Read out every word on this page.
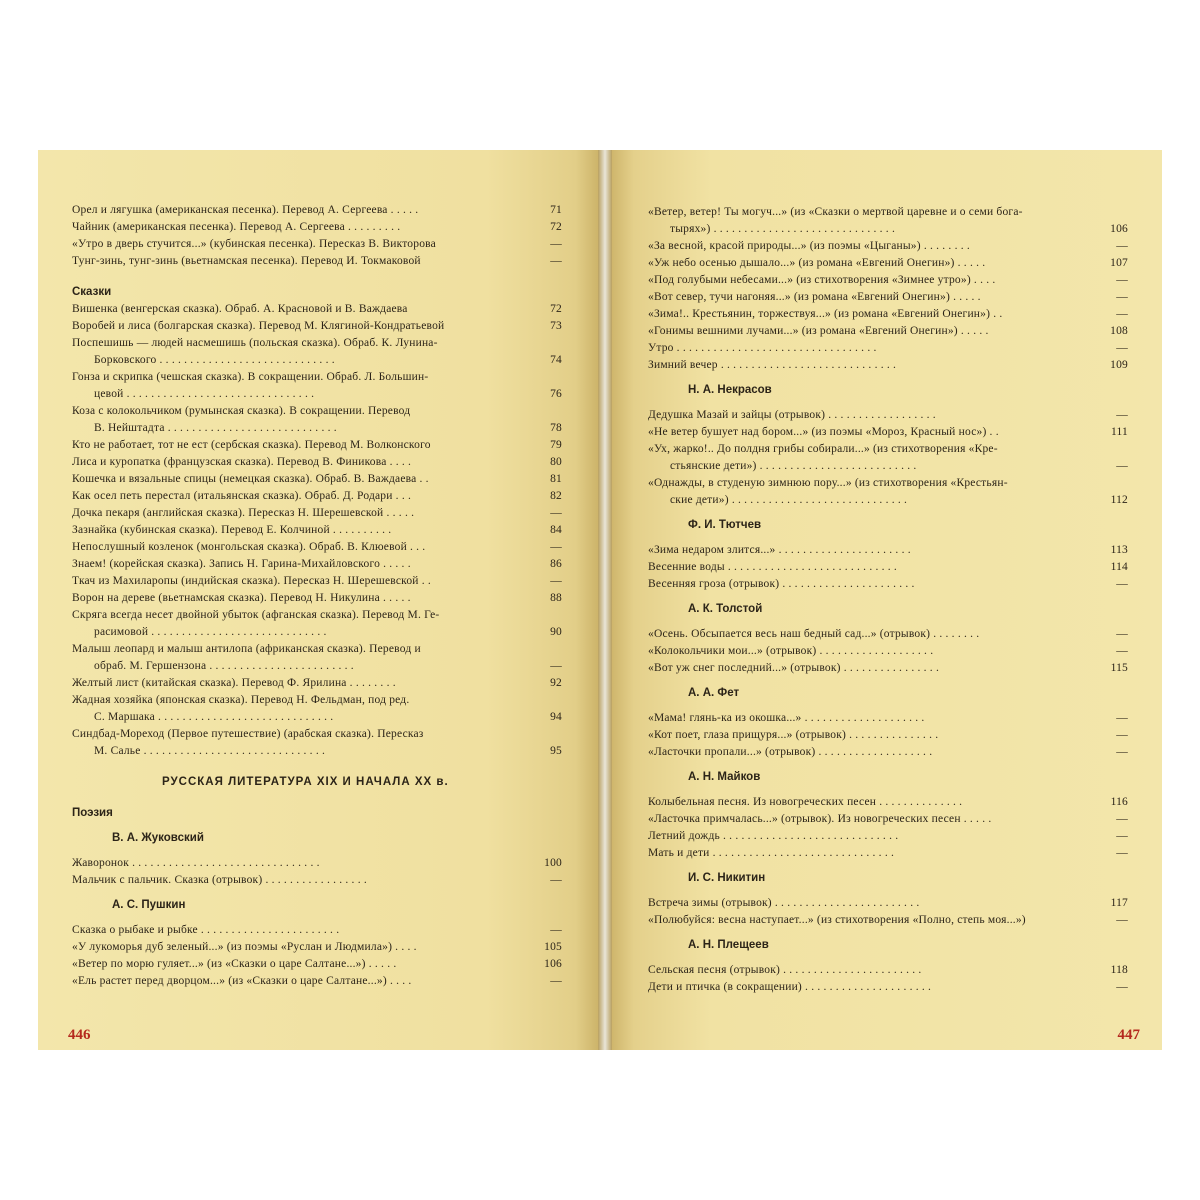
Орел и лягушка (американская песенка). Перевод А. Сергеева . . . . .	71
Чайник (американская песенка). Перевод А. Сергеева . . . . . . . . .	72
«Утро в дверь стучится...» (кубинская песенка). Пересказ В. Викторова	—
Тунг-зинь, тунг-зинь (вьетнамская песенка). Перевод И. Токмаковой	—
Сказки
Вишенка (венгерская сказка). Обраб. А. Красновой и В. Важдаева	72
Воробей и лиса (болгарская сказка). Перевод М. Клягиной-Кондратьевой	73
Поспешишь — людей насмешишь (польская сказка). Обраб. К. Лунина-
Борковского . . . . . . . . . . . . . . . . . . . . . . . . . . . . .	74
Гонза и скрипка (чешская сказка). В сокращении. Обраб. Л. Большин-
цевой . . . . . . . . . . . . . . . . . . . . . . . . . . . . . . .	76
Коза с колокольчиком (румынская сказка). В сокращении. Перевод
В. Нейштадта . . . . . . . . . . . . . . . . . . . . . . . . . . . .	78
Кто не работает, тот не ест (сербская сказка). Перевод М. Волконского	79
Лиса и куропатка (французская сказка). Перевод В. Финикова . . . .	80
Кошечка и вязальные спицы (немецкая сказка). Обраб. В. Важдаева . .	81
Как осел петь перестал (итальянская сказка). Обраб. Д. Родари . . .	82
Дочка пекаря (английская сказка). Пересказ Н. Шерешевской . . . . .	—
Зазнайка (кубинская сказка). Перевод Е. Колчиной . . . . . . . . . .	84
Непослушный козленок (монгольская сказка). Обраб. В. Клюевой . . .	—
Знаем! (корейская сказка). Запись Н. Гарина-Михайловского . . . . .	86
Ткач из Махиларопы (индийская сказка). Пересказ Н. Шерешевской . .	—
Ворон на дереве (вьетнамская сказка). Перевод Н. Никулина . . . . .	88
Скряга всегда несет двойной убыток (афганская сказка). Перевод М. Ге-
расимовой . . . . . . . . . . . . . . . . . . . . . . . . . . . . .	90
Малыш леопард и малыш антилопа (африканская сказка). Перевод и
обраб. М. Гершензона . . . . . . . . . . . . . . . . . . . . . . . .	—
Желтый лист (китайская сказка). Перевод Ф. Ярилина . . . . . . . .	92
Жадная хозяйка (японская сказка). Перевод Н. Фельдман, под ред.
С. Маршака . . . . . . . . . . . . . . . . . . . . . . . . . . . . .	94
Синдбад-Мореход (Первое путешествие) (арабская сказка). Пересказ
М. Салье . . . . . . . . . . . . . . . . . . . . . . . . . . . . . .	95
РУССКАЯ ЛИТЕРАТУРА XIX И НАЧАЛА XX в.
Поэзия
В. А. Жуковский
Жаворонок . . . . . . . . . . . . . . . . . . . . . . . . . . . . . . .	100
Мальчик с пальчик. Сказка (отрывок) . . . . . . . . . . . . . . . . .	—
А. С. Пушкин
Сказка о рыбаке и рыбке . . . . . . . . . . . . . . . . . . . . . . .	—
«У лукоморья дуб зеленый...» (из поэмы «Руслан и Людмила») . . . .	105
«Ветер по морю гуляет...» (из «Сказки о царе Салтане...») . . . . .	106
«Ель растет перед дворцом...» (из «Сказки о царе Салтане...») . . . .	—
446
«Ветер, ветер! Ты могуч...» (из «Сказки о мертвой царевне и о семи бога-
тырях») . . . . . . . . . . . . . . . . . . . . . . . . . . . . . .	106
«За весной, красой природы...» (из поэмы «Цыганы») . . . . . . . .	—
«Уж небо осенью дышало...» (из романа «Евгений Онегин») . . . . .	107
«Под голубыми небесами...» (из стихотворения «Зимнее утро») . . . .	—
«Вот север, тучи нагоняя...» (из романа «Евгений Онегин») . . . . .	—
«Зима!.. Крестьянин, торжествуя...» (из романа «Евгений Онегин») . .	—
«Гонимы вешними лучами...» (из романа «Евгений Онегин») . . . . .	108
Утро . . . . . . . . . . . . . . . . . . . . . . . . . . . . . . . . .	—
Зимний вечер . . . . . . . . . . . . . . . . . . . . . . . . . . . . .	109
Н. А. Некрасов
Дедушка Мазай и зайцы (отрывок) . . . . . . . . . . . . . . . . . .	—
«Не ветер бушует над бором...» (из поэмы «Мороз, Красный нос») . .	111
«Ух, жарко!.. До полдня грибы собирали...» (из стихотворения «Кре-
стьянские дети») . . . . . . . . . . . . . . . . . . . . . . . . . .	—
«Однажды, в студеную зимнюю пору...» (из стихотворения «Крестьян-
ские дети») . . . . . . . . . . . . . . . . . . . . . . . . . . . . .	112
Ф. И. Тютчев
«Зима недаром злится...» . . . . . . . . . . . . . . . . . . . . . .	113
Весенние воды . . . . . . . . . . . . . . . . . . . . . . . . . . . .	114
Весенняя гроза (отрывок) . . . . . . . . . . . . . . . . . . . . . .	—
А. К. Толстой
«Осень. Обсыпается весь наш бедный сад...» (отрывок) . . . . . . . .	—
«Колокольчики мои...» (отрывок) . . . . . . . . . . . . . . . . . . .	—
«Вот уж снег последний...» (отрывок) . . . . . . . . . . . . . . . .	115
А. А. Фет
«Мама! глянь-ка из окошка...» . . . . . . . . . . . . . . . . . . . .	—
«Кот поет, глаза прищуря...» (отрывок) . . . . . . . . . . . . . . .	—
«Ласточки пропали...» (отрывок) . . . . . . . . . . . . . . . . . . .	—
А. Н. Майков
Колыбельная песня. Из новогреческих песен . . . . . . . . . . . . . .	116
«Ласточка примчалась...» (отрывок). Из новогреческих песен . . . . .	—
Летний дождь . . . . . . . . . . . . . . . . . . . . . . . . . . . . .	—
Мать и дети . . . . . . . . . . . . . . . . . . . . . . . . . . . . . .	—
И. С. Никитин
Встреча зимы (отрывок) . . . . . . . . . . . . . . . . . . . . . . . .	117
«Полюбуйся: весна наступает...» (из стихотворения «Полно, степь моя...»)	—
А. Н. Плещеев
Сельская песня (отрывок) . . . . . . . . . . . . . . . . . . . . . . .	118
Дети и птичка (в сокращении) . . . . . . . . . . . . . . . . . . . . .	—
447
